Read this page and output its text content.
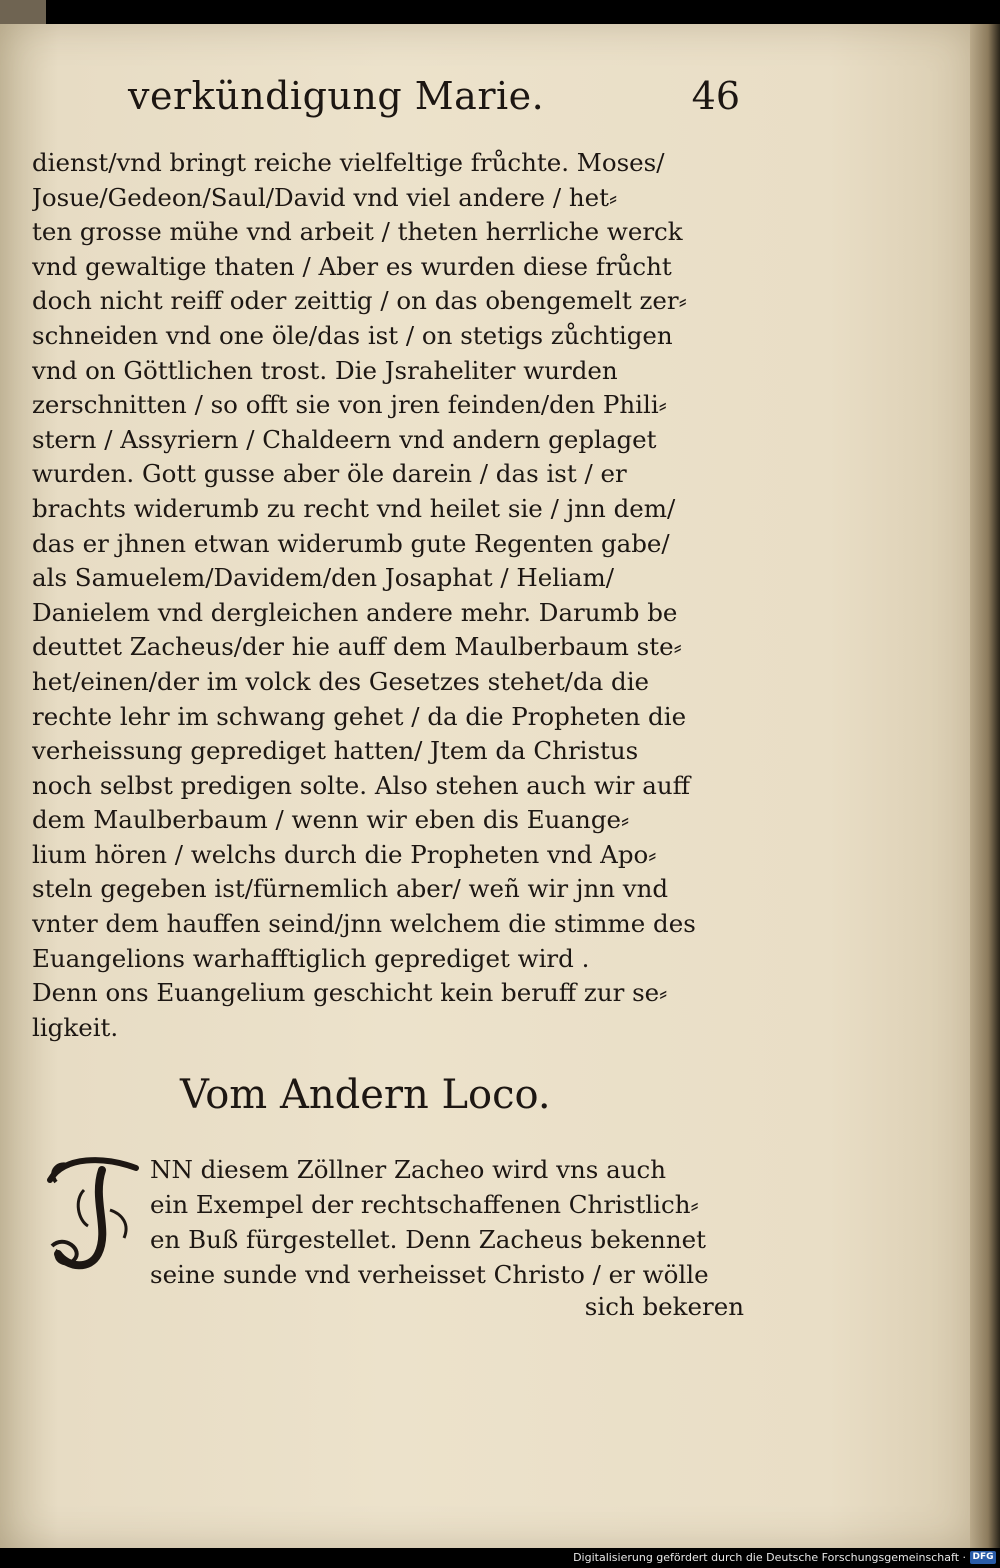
verkündigung Marie.	46
dienst/vnd bringt reiche vielfeltige frůchte. Moses/
Josue/Gedeon/Saul/David vnd viel andere / het⸗
ten grosse mühe vnd arbeit / theten herrliche werck
vnd gewaltige thaten / Aber es wurden diese frůcht
doch nicht reiff oder zeittig / on das obengemelt zer⸗
schneiden vnd one öle/das ist / on stetigs zůchtigen
vnd on Göttlichen trost. Die Jsraheliter wurden
zerschnitten / so offt sie von jren feinden/den Phili⸗
stern / Assyriern / Chaldeern vnd andern geplaget
wurden. Gott gusse aber öle darein / das ist / er
brachts widerumb zu recht vnd heilet sie / jnn dem/
das er jhnen etwan widerumb gute Regenten gabe/
als Samuelem/Davidem/den Josaphat / Heliam/
Danielem vnd dergleichen andere mehr. Darumb be
deuttet Zacheus/der hie auff dem Maulberbaum ste⸗
het/einen/der im volck des Gesetzes stehet/da die
rechte lehr im schwang gehet / da die Propheten die
verheissung geprediget hatten/ Jtem da Christus
noch selbst predigen solte. Also stehen auch wir auff
dem Maulberbaum / wenn wir eben dis Euange⸗
lium hören / welchs durch die Propheten vnd Apo⸗
steln gegeben ist/fürnemlich aber/ weñ wir jnn vnd
vnter dem hauffen seind/jnn welchem die stimme des
Euangelions warhafftiglich geprediget wird .
Denn ons Euangelium geschicht kein beruff zur se⸗
ligkeit.
Vom Andern Loco.
J
NN diesem Zöllner Zacheo wird vns auch
ein Exempel der rechtschaffenen Christlich⸗
en Buß fürgestellet. Denn Zacheus bekennet
seine sunde vnd verheisset Christo / er wölle
sich bekeren
Digitalisierung gefördert durch die Deutsche Forschungsgemeinschaft · DFG
